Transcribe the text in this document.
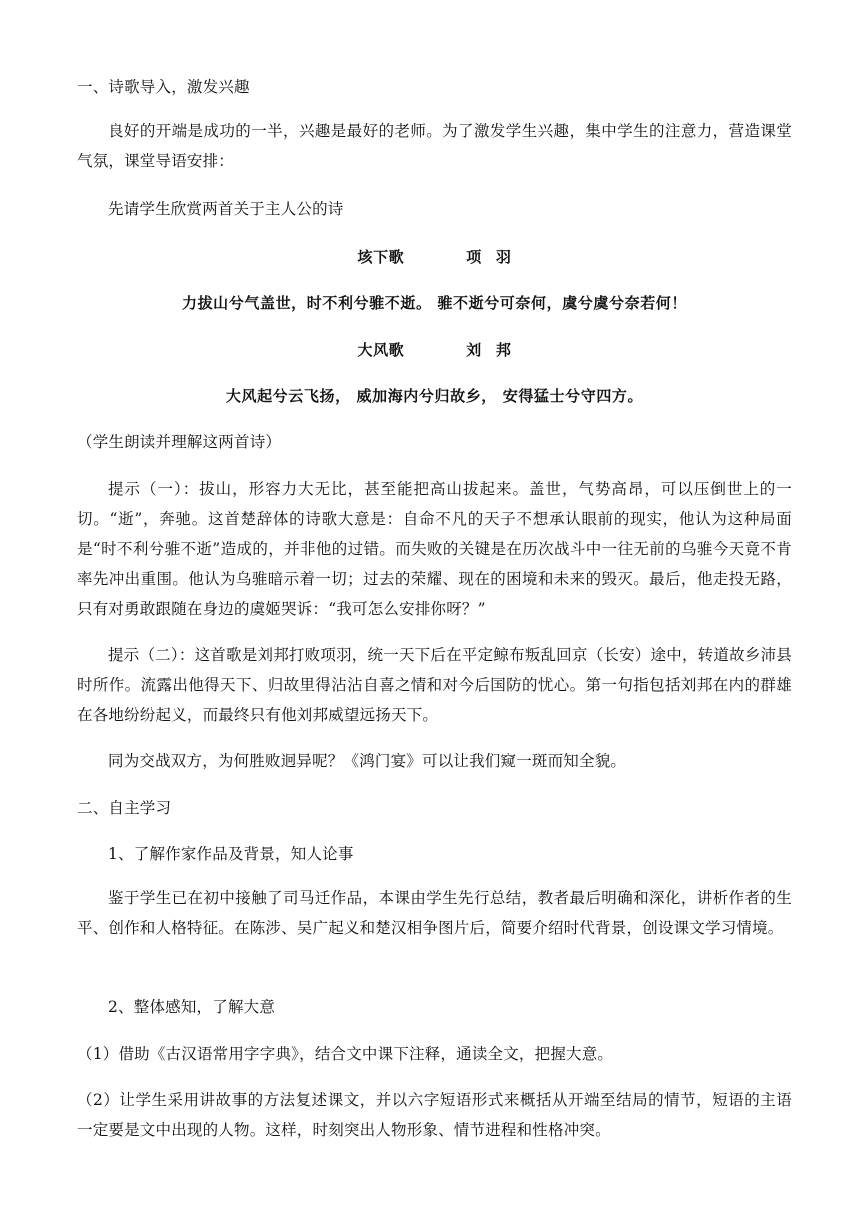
一、诗歌导入，激发兴趣

良好的开端是成功的一半，兴趣是最好的老师。为了激发学生兴趣，集中学生的注意力，营造课堂气氛，课堂导语安排：

先请学生欣赏两首关于主人公的诗

垓下歌	项 羽

力拔山兮气盖世，时不利兮骓不逝。 骓不逝兮可奈何，虞兮虞兮奈若何！

大风歌	刘 邦

大风起兮云飞扬， 威加海内兮归故乡， 安得猛士兮守四方。

（学生朗读并理解这两首诗）

提示（一）：拔山，形容力大无比，甚至能把高山拔起来。盖世，气势高昂，可以压倒世上的一切。“逝”，奔驰。这首楚辞体的诗歌大意是：自命不凡的天子不想承认眼前的现实，他认为这种局面是“时不利兮骓不逝”造成的，并非他的过错。而失败的关键是在历次战斗中一往无前的乌骓今天竟不肯率先冲出重围。他认为乌骓暗示着一切；过去的荣耀、现在的困境和未来的毁灭。最后，他走投无路，只有对勇敢跟随在身边的虞姬哭诉：“我可怎么安排你呀？”

提示（二）：这首歌是刘邦打败项羽，统一天下后在平定鲸布叛乱回京（长安）途中，转道故乡沛县时所作。流露出他得天下、归故里得沾沾自喜之情和对今后国防的忧心。第一句指包括刘邦在内的群雄在各地纷纷起义，而最终只有他刘邦威望远扬天下。

同为交战双方，为何胜败迥异呢？《鸿门宴》可以让我们窥一斑而知全貌。

二、自主学习

1、了解作家作品及背景，知人论事

鉴于学生已在初中接触了司马迁作品，本课由学生先行总结，教者最后明确和深化，讲析作者的生平、创作和人格特征。在陈涉、吴广起义和楚汉相争图片后，简要介绍时代背景，创设课文学习情境。

2、整体感知，了解大意

（1）借助《古汉语常用字字典》，结合文中课下注释，通读全文，把握大意。

（2）让学生采用讲故事的方法复述课文，并以六字短语形式来概括从开端至结局的情节，短语的主语一定要是文中出现的人物。这样，时刻突出人物形象、情节进程和性格冲突。
